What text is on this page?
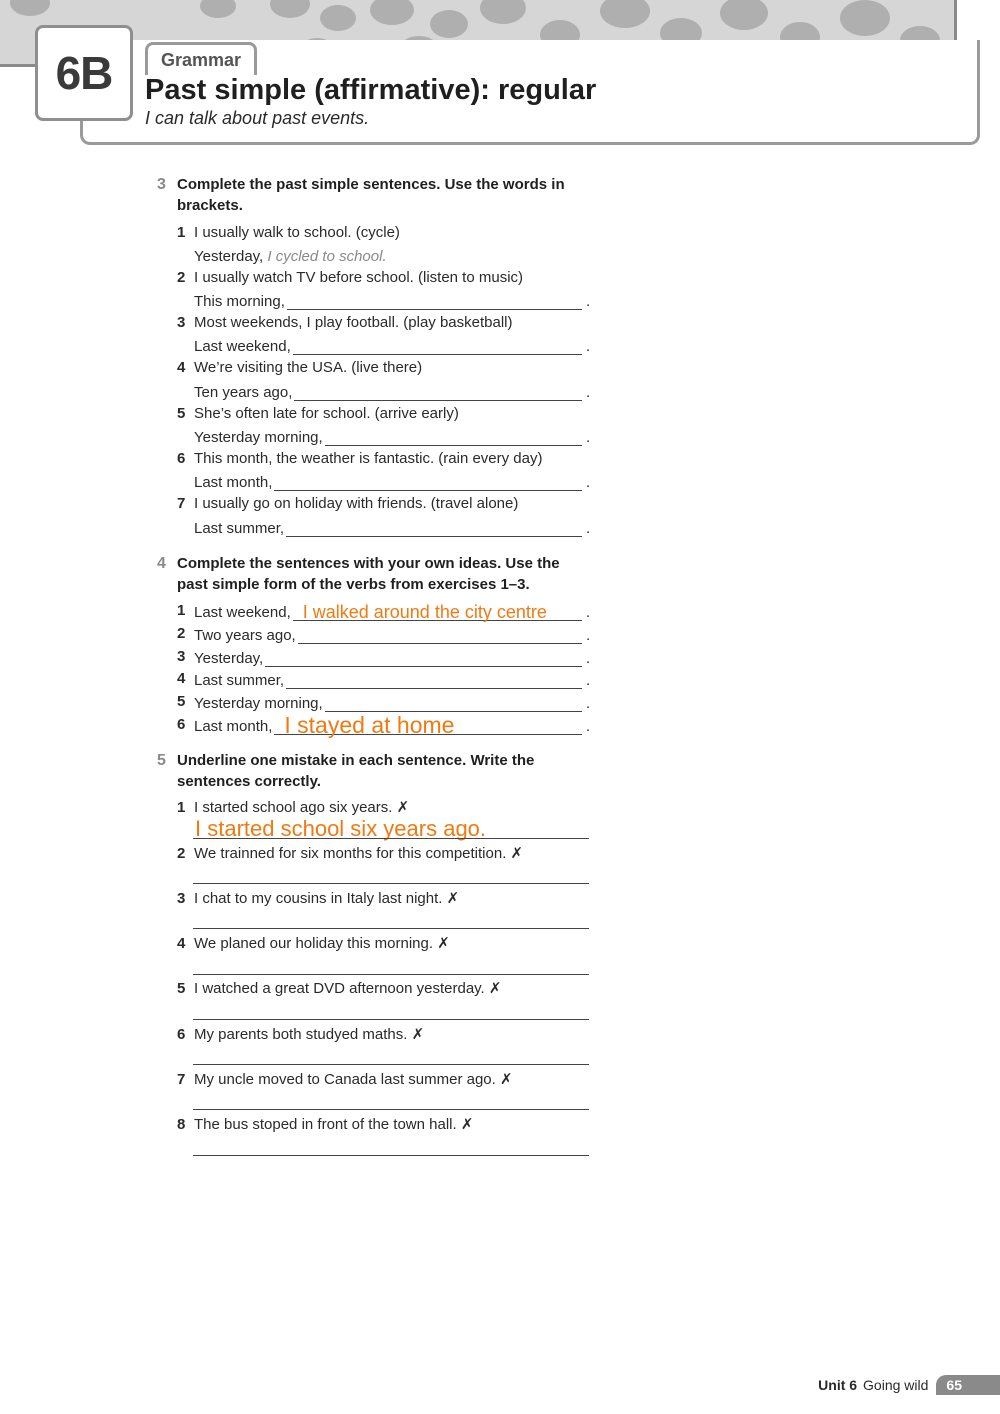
6B	Grammar
Past simple (affirmative): regular
I can talk about past events.
3 Complete the past simple sentences. Use the words in brackets.
1 I usually walk to school. (cycle)
Yesterday,
I cycled to school.
2 I usually watch TV before school. (listen to music)
This morning,	.
3 Most weekends, I play football. (play basketball)
Last weekend,	.
4 We’re visiting the USA. (live there)
Ten years ago,	.
5 She’s often late for school. (arrive early)
Yesterday morning,	.
6 This month, the weather is fantastic. (rain every day)
Last month,	.
7 I usually go on holiday with friends. (travel alone)
Last summer,	.
4 Complete the sentences with your own ideas. Use the past simple form of the verbs from exercises 1–3.
1 Last weekend, I walked around the city centre	.
2 Two years ago,	.
3 Yesterday,	.
4 Last summer,	.
5 Yesterday morning,	.
6 Last month, I stayed at home	.
5 Underline one mistake in each sentence. Write the sentences correctly.
1 I started school ago six years. ✗
I started school six years ago.
2 We trainned for six months for this competition. ✗
3 I chat to my cousins in Italy last night. ✗
4 We planed our holiday this morning. ✗
5 I watched a great DVD afternoon yesterday. ✗
6 My parents both studyed maths. ✗
7 My uncle moved to Canada last summer ago. ✗
8 The bus stoped in front of the town hall. ✗
Unit 6 Going wild	65
